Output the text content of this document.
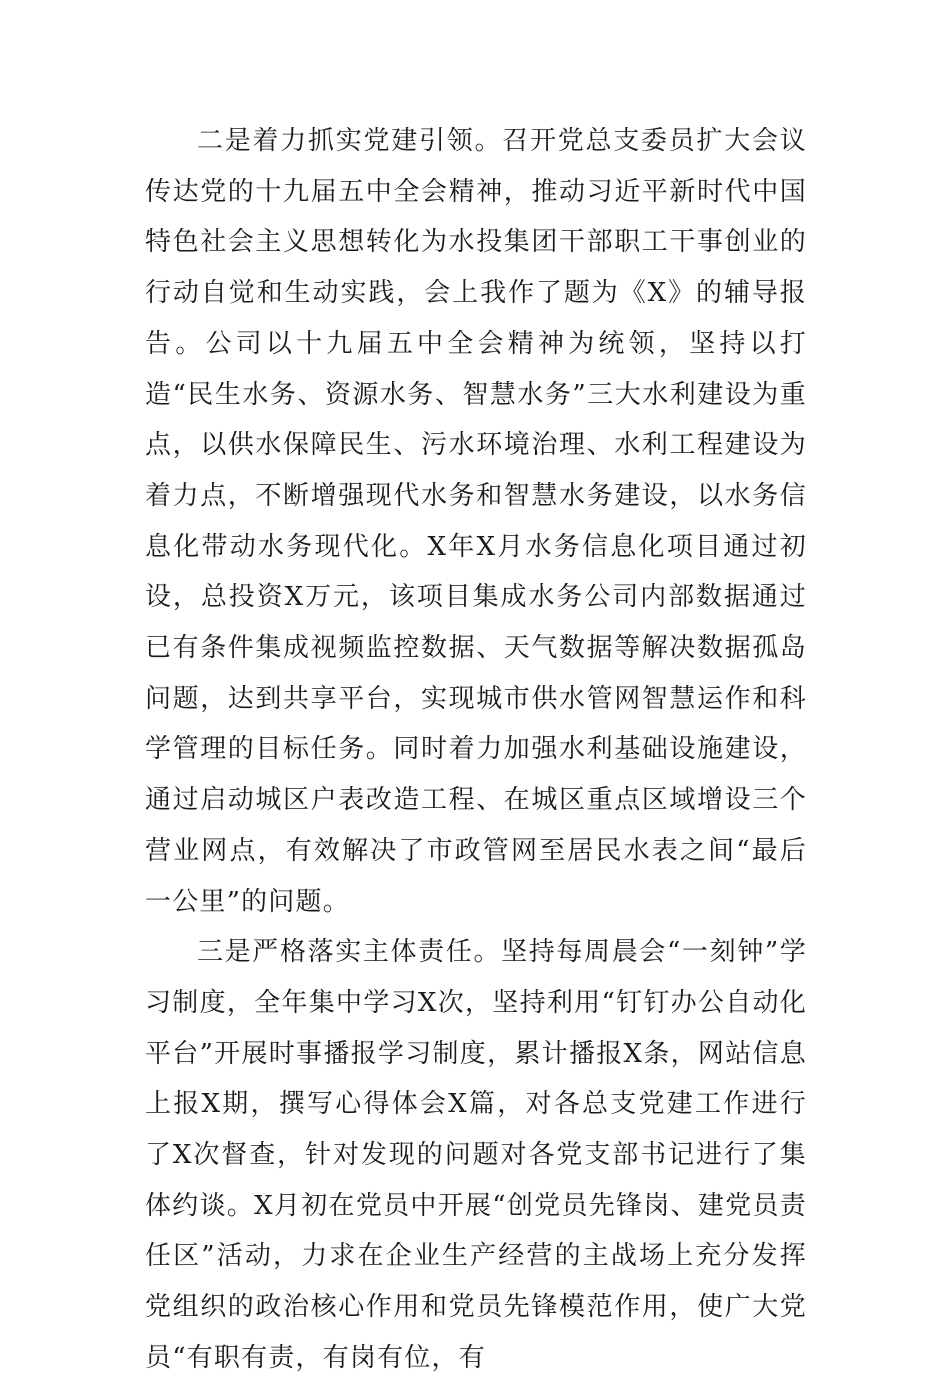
二是着力抓实党建引领。召开党总支委员扩大会议传达党的十九届五中全会精神，推动习近平新时代中国特色社会主义思想转化为水投集团干部职工干事创业的行动自觉和生动实践，会上我作了题为《X》的辅导报告。公司以十九届五中全会精神为统领，坚持以打造“民生水务、资源水务、智慧水务”三大水利建设为重点，以供水保障民生、污水环境治理、水利工程建设为着力点，不断增强现代水务和智慧水务建设，以水务信息化带动水务现代化。X年X月水务信息化项目通过初设，总投资X万元，该项目集成水务公司内部数据通过已有条件集成视频监控数据、天气数据等解决数据孤岛问题，达到共享平台，实现城市供水管网智慧运作和科学管理的目标任务。同时着力加强水利基础设施建设，通过启动城区户表改造工程、在城区重点区域增设三个营业网点，有效解决了市政管网至居民水表之间“最后一公里”的问题。

三是严格落实主体责任。坚持每周晨会“一刻钟”学习制度，全年集中学习X次，坚持利用“钉钉办公自动化平台”开展时事播报学习制度，累计播报X条，网站信息上报X期，撰写心得体会X篇，对各总支党建工作进行了X次督查，针对发现的问题对各党支部书记进行了集体约谈。X月初在党员中开展“创党员先锋岗、建党员责任区”活动，力求在企业生产经营的主战场上充分发挥党组织的政治核心作用和党员先锋模范作用，使广大党员“有职有责，有岗有位，有
